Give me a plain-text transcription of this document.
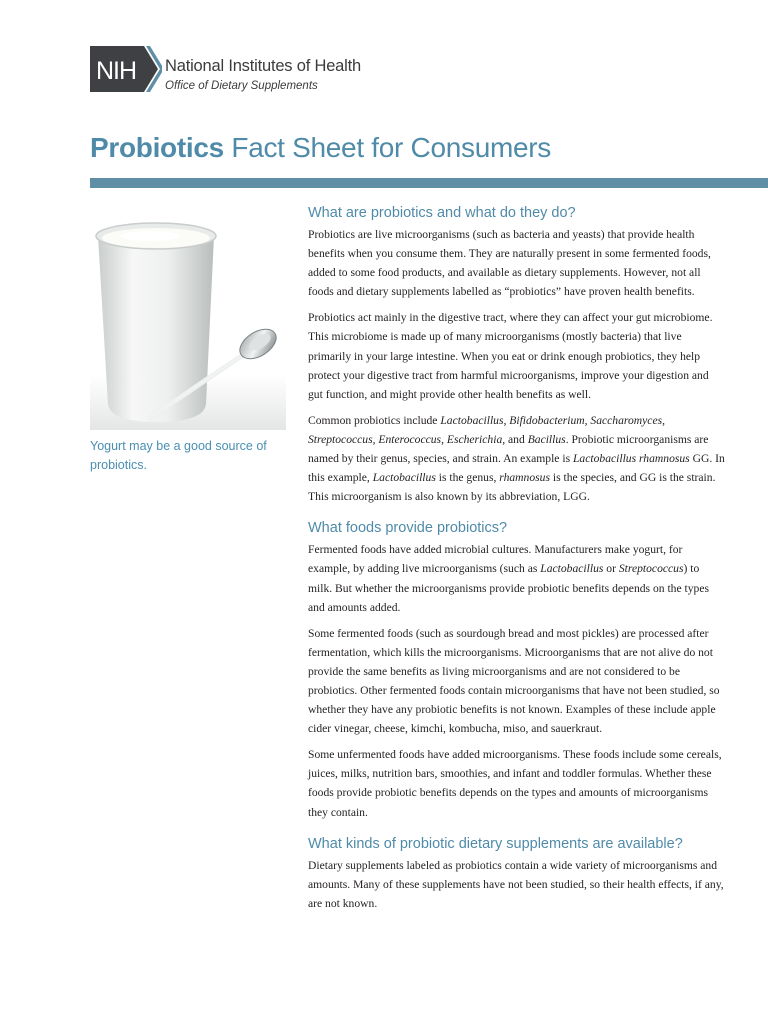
NIH National Institutes of Health
Office of Dietary Supplements
Probiotics Fact Sheet for Consumers

Yogurt may be a good source of probiotics.

What are probiotics and what do they do?

Probiotics are live microorganisms (such as bacteria and yeasts) that provide health benefits when you consume them. They are naturally present in some fermented foods, added to some food products, and available as dietary supplements. However, not all foods and dietary supplements labelled as “probiotics” have proven health benefits.

Probiotics act mainly in the digestive tract, where they can affect your gut microbiome. This microbiome is made up of many microorganisms (mostly bacteria) that live primarily in your large intestine. When you eat or drink enough probiotics, they help protect your digestive tract from harmful microorganisms, improve your digestion and gut function, and might provide other health benefits as well.

Common probiotics include Lactobacillus, Bifidobacterium, Saccharomyces, Streptococcus, Enterococcus, Escherichia, and Bacillus. Probiotic microorganisms are named by their genus, species, and strain. An example is Lactobacillus rhamnosus GG. In this example, Lactobacillus is the genus, rhamnosus is the species, and GG is the strain. This microorganism is also known by its abbreviation, LGG.

What foods provide probiotics?

Fermented foods have added microbial cultures. Manufacturers make yogurt, for example, by adding live microorganisms (such as Lactobacillus or Streptococcus) to milk. But whether the microorganisms provide probiotic benefits depends on the types and amounts added.

Some fermented foods (such as sourdough bread and most pickles) are processed after fermentation, which kills the microorganisms. Microorganisms that are not alive do not provide the same benefits as living microorganisms and are not considered to be probiotics. Other fermented foods contain microorganisms that have not been studied, so whether they have any probiotic benefits is not known. Examples of these include apple cider vinegar, cheese, kimchi, kombucha, miso, and sauerkraut.

Some unfermented foods have added microorganisms. These foods include some cereals, juices, milks, nutrition bars, smoothies, and infant and toddler formulas. Whether these foods provide probiotic benefits depends on the types and amounts of microorganisms they contain.

What kinds of probiotic dietary supplements are available?

Dietary supplements labeled as probiotics contain a wide variety of microorganisms and amounts. Many of these supplements have not been studied, so their health effects, if any, are not known.
